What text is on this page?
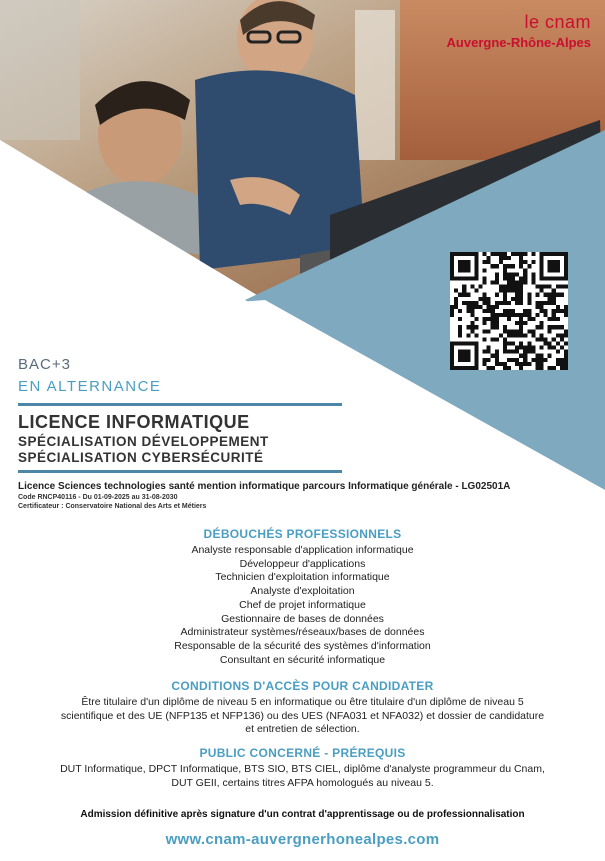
le cnam
Auvergne-Rhône-Alpes
BAC+3
EN ALTERNANCE
LICENCE INFORMATIQUE
SPÉCIALISATION DÉVELOPPEMENT
SPÉCIALISATION CYBERSÉCURITÉ
Licence Sciences technologies santé mention informatique parcours Informatique générale - LG02501A
Code RNCP40116 - Du 01-09-2025 au 31-08-2030
Certificateur : Conservatoire National des Arts et Métiers
DÉBOUCHÉS PROFESSIONNELS
Analyste responsable d'application informatique
Développeur d'applications
Technicien d'exploitation informatique
Analyste d'exploitation
Chef de projet informatique
Gestionnaire de bases de données
Administrateur systèmes/réseaux/bases de données
Responsable de la sécurité des systèmes d'information
Consultant en sécurité informatique
CONDITIONS D'ACCÈS POUR CANDIDATER
Être titulaire d'un diplôme de niveau 5 en informatique ou être titulaire d'un diplôme de niveau 5
scientifique et des UE (NFP135 et NFP136) ou des UES (NFA031 et NFA032) et dossier de candidature
et entretien de sélection.
PUBLIC CONCERNÉ - PRÉREQUIS
DUT Informatique, DPCT Informatique, BTS SIO, BTS CIEL, diplôme d'analyste programmeur du Cnam,
DUT GEII, certains titres AFPA homologués au niveau 5.
Admission définitive après signature d'un contrat d'apprentissage ou de professionnalisation
www.cnam-auvergnerhonealpes.com
